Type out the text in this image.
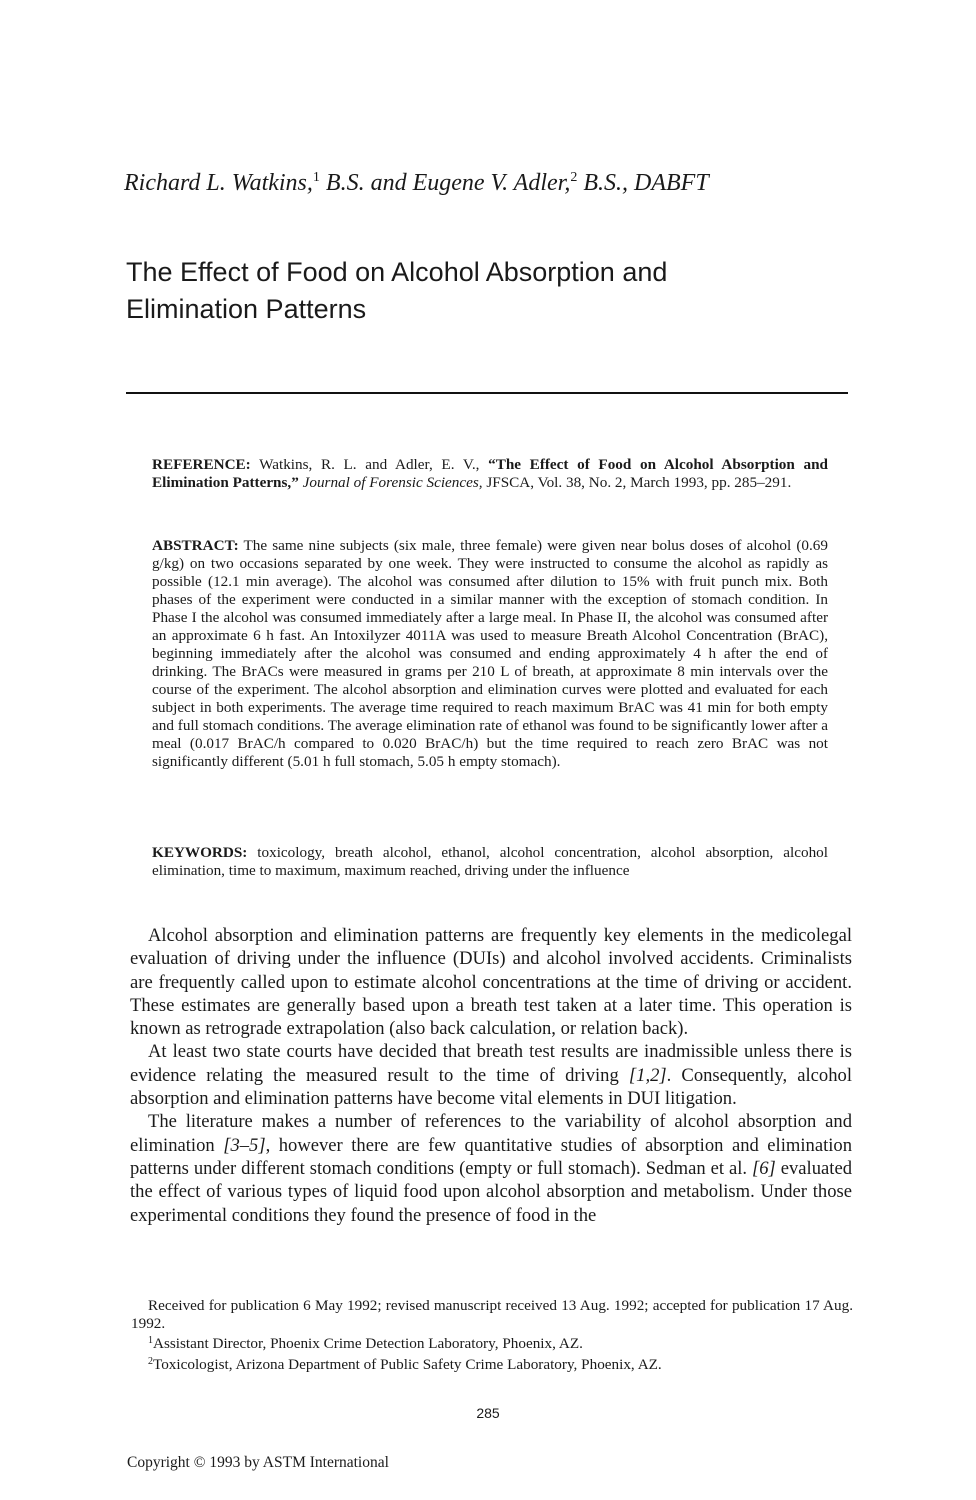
Richard L. Watkins,$^1$ B.S. and Eugene V. Adler,$^2$ B.S., DABFT
The Effect of Food on Alcohol Absorption and
Elimination Patterns
REFERENCE: Watkins, R. L. and Adler, E. V., “The Effect of Food on Alcohol Absorption and Elimination Patterns,” Journal of Forensic Sciences, JFSCA, Vol. 38, No. 2, March 1993, pp. 285–291.
ABSTRACT: The same nine subjects (six male, three female) were given near bolus doses of alcohol (0.69 g/kg) on two occasions separated by one week. They were instructed to consume the alcohol as rapidly as possible (12.1 min average). The alcohol was consumed after dilution to 15% with fruit punch mix. Both phases of the experiment were conducted in a similar manner with the exception of stomach condition. In Phase I the alcohol was consumed immediately after a large meal. In Phase II, the alcohol was consumed after an approximate 6 h fast. An Intoxilyzer 4011A was used to measure Breath Alcohol Concentration (BrAC), beginning immediately after the alcohol was consumed and ending approximately 4 h after the end of drinking. The BrACs were measured in grams per 210 L of breath, at approximate 8 min intervals over the course of the experiment. The alcohol absorption and elimination curves were plotted and evaluated for each subject in both experiments. The average time required to reach maximum BrAC was 41 min for both empty and full stomach conditions. The average elimination rate of ethanol was found to be significantly lower after a meal (0.017 BrAC/h compared to 0.020 BrAC/h) but the time required to reach zero BrAC was not significantly different (5.01 h full stomach, 5.05 h empty stomach).
KEYWORDS: toxicology, breath alcohol, ethanol, alcohol concentration, alcohol absorption, alcohol elimination, time to maximum, maximum reached, driving under the influence

Alcohol absorption and elimination patterns are frequently key elements in the medicolegal evaluation of driving under the influence (DUIs) and alcohol involved accidents. Criminalists are frequently called upon to estimate alcohol concentrations at the time of driving or accident. These estimates are generally based upon a breath test taken at a later time. This operation is known as retrograde extrapolation (also back calculation, or relation back).

At least two state courts have decided that breath test results are inadmissible unless there is evidence relating the measured result to the time of driving [1,2]. Consequently, alcohol absorption and elimination patterns have become vital elements in DUI litigation.

The literature makes a number of references to the variability of alcohol absorption and elimination [3–5], however there are few quantitative studies of absorption and elimination patterns under different stomach conditions (empty or full stomach). Sedman et al. [6] evaluated the effect of various types of liquid food upon alcohol absorption and metabolism. Under those experimental conditions they found the presence of food in the

Received for publication 6 May 1992; revised manuscript received 13 Aug. 1992; accepted for publication 17 Aug. 1992.

$^1$Assistant Director, Phoenix Crime Detection Laboratory, Phoenix, AZ.

$^2$Toxicologist, Arizona Department of Public Safety Crime Laboratory, Phoenix, AZ.

285
Copyright © 1993 by ASTM International
